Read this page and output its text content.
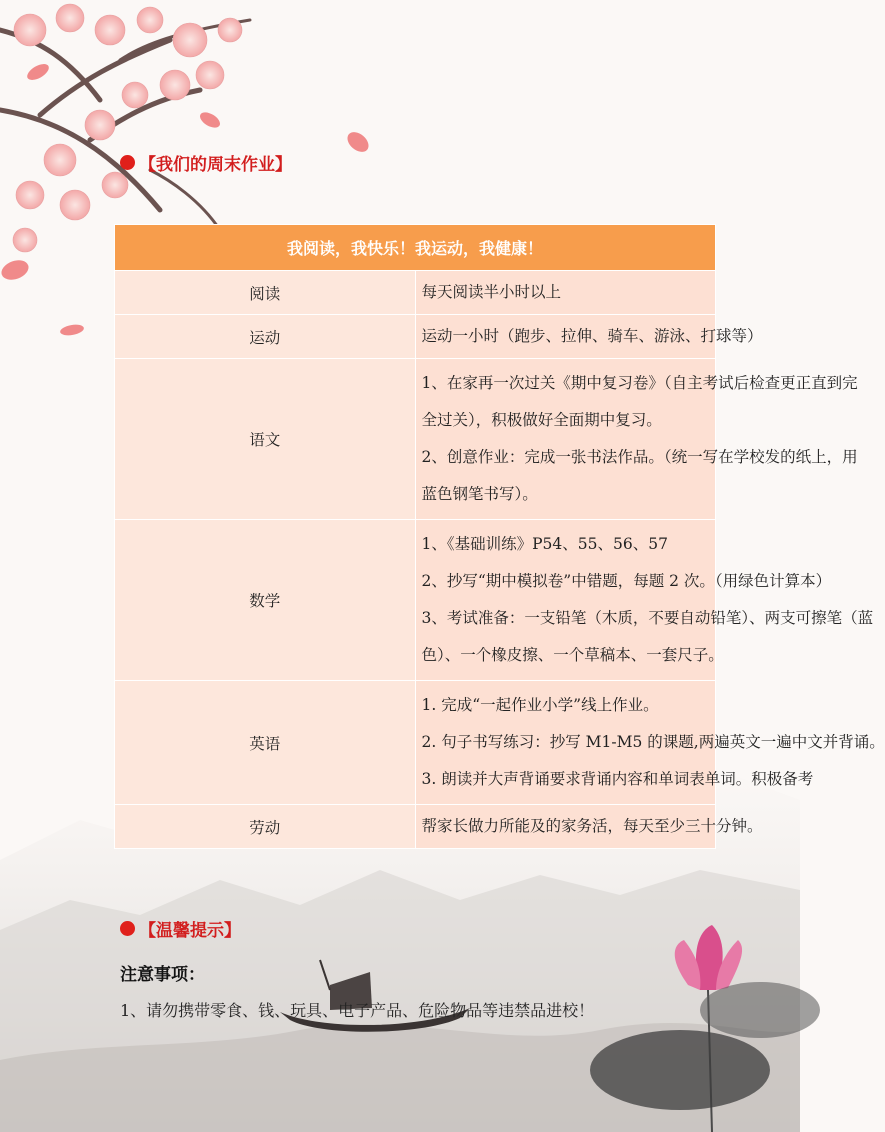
【我们的周末作业】
我阅读，我快乐！我运动，我健康！	
阅读	每天阅读半小时以上

运动	运动一小时（跑步、拉伸、骑车、游泳、打球等）

语文	1、在家再一次过关《期中复习卷》（自主考试后检查更正直到完
全过关），积极做好全面期中复习。
2、创意作业：完成一张书法作品。（统一写在学校发的纸上，用
蓝色钢笔书写）。

数学	1、《基础训练》P54、55、56、57
2、抄写“期中模拟卷”中错题，每题 2 次。（用绿色计算本）
3、考试准备：一支铅笔（木质，不要自动铅笔）、两支可擦笔（蓝
色）、一个橡皮擦、一个草稿本、一套尺子。

英语	1. 完成“一起作业小学”线上作业。
2. 句子书写练习：抄写 M1-M5 的课题,两遍英文一遍中文并背诵。
3. 朗读并大声背诵要求背诵内容和单词表单词。积极备考

劳动	帮家长做力所能及的家务活，每天至少三十分钟。
【温馨提示】
注意事项：
1、请勿携带零食、钱、玩具、电子产品、危险物品等违禁品进校！
